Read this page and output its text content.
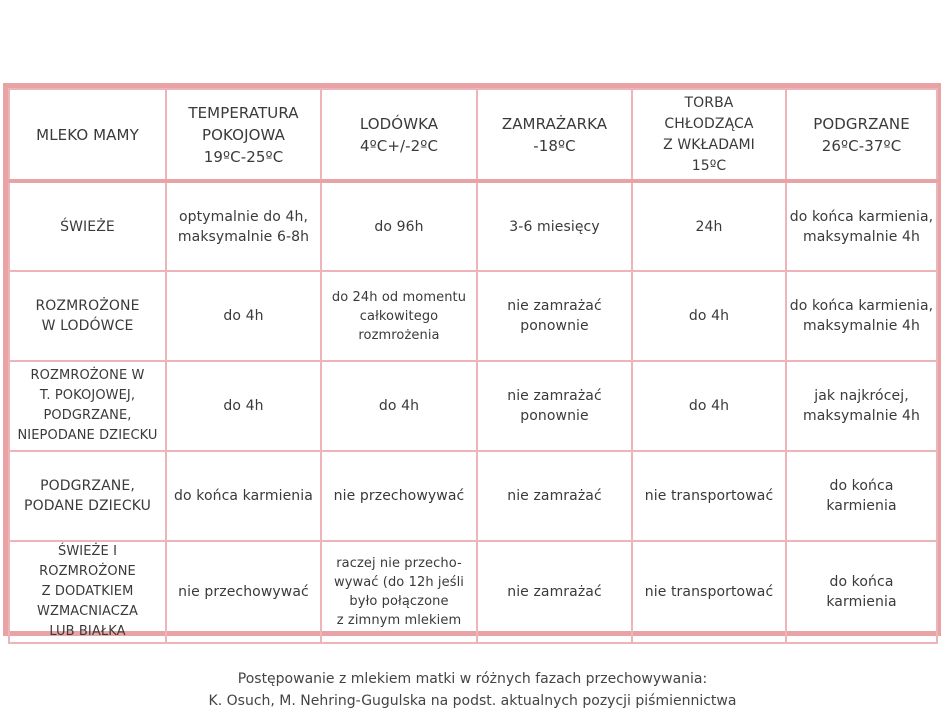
MLEKO MAMY	TEMPERATURA
POKOJOWA
19ºC-25ºC	LODÓWKA
4ºC+/-2ºC	ZAMRAŻARKA
-18ºC	TORBA
CHŁODZĄCA
Z WKŁADAMI
15ºC	PODGRZANE
26ºC-37ºC

ŚWIEŻE	optymalnie do 4h,
maksymalnie 6-8h	do 96h	3-6 miesięcy	24h	do końca karmienia,
maksymalnie 4h

ROZMROŻONE
W LODÓWCE	do 4h	do 24h od momentu
całkowitego rozmrożenia	nie zamrażać
ponownie	do 4h	do końca karmienia,
maksymalnie 4h

ROZMROŻONE W
T. POKOJOWEJ,
PODGRZANE,
NIEPODANE DZIECKU	do 4h	do 4h	nie zamrażać
ponownie	do 4h	jak najkrócej,
maksymalnie 4h

PODGRZANE,
PODANE DZIECKU	do końca karmienia	nie przechowywać	nie zamrażać	nie transportować	do końca
karmienia

ŚWIEŻE I ROZMROŻONE
Z DODATKIEM
WZMACNIACZA
LUB BIAŁKA	nie przechowywać	raczej nie przecho-
wywać (do 12h jeśli
było połączone
z zimnym mlekiem	nie zamrażać	nie transportować	do końca
karmienia
Postępowanie z mlekiem matki w różnych fazach przechowywania:
K. Osuch, M. Nehring-Gugulska na podst. aktualnych pozycji piśmiennictwa
